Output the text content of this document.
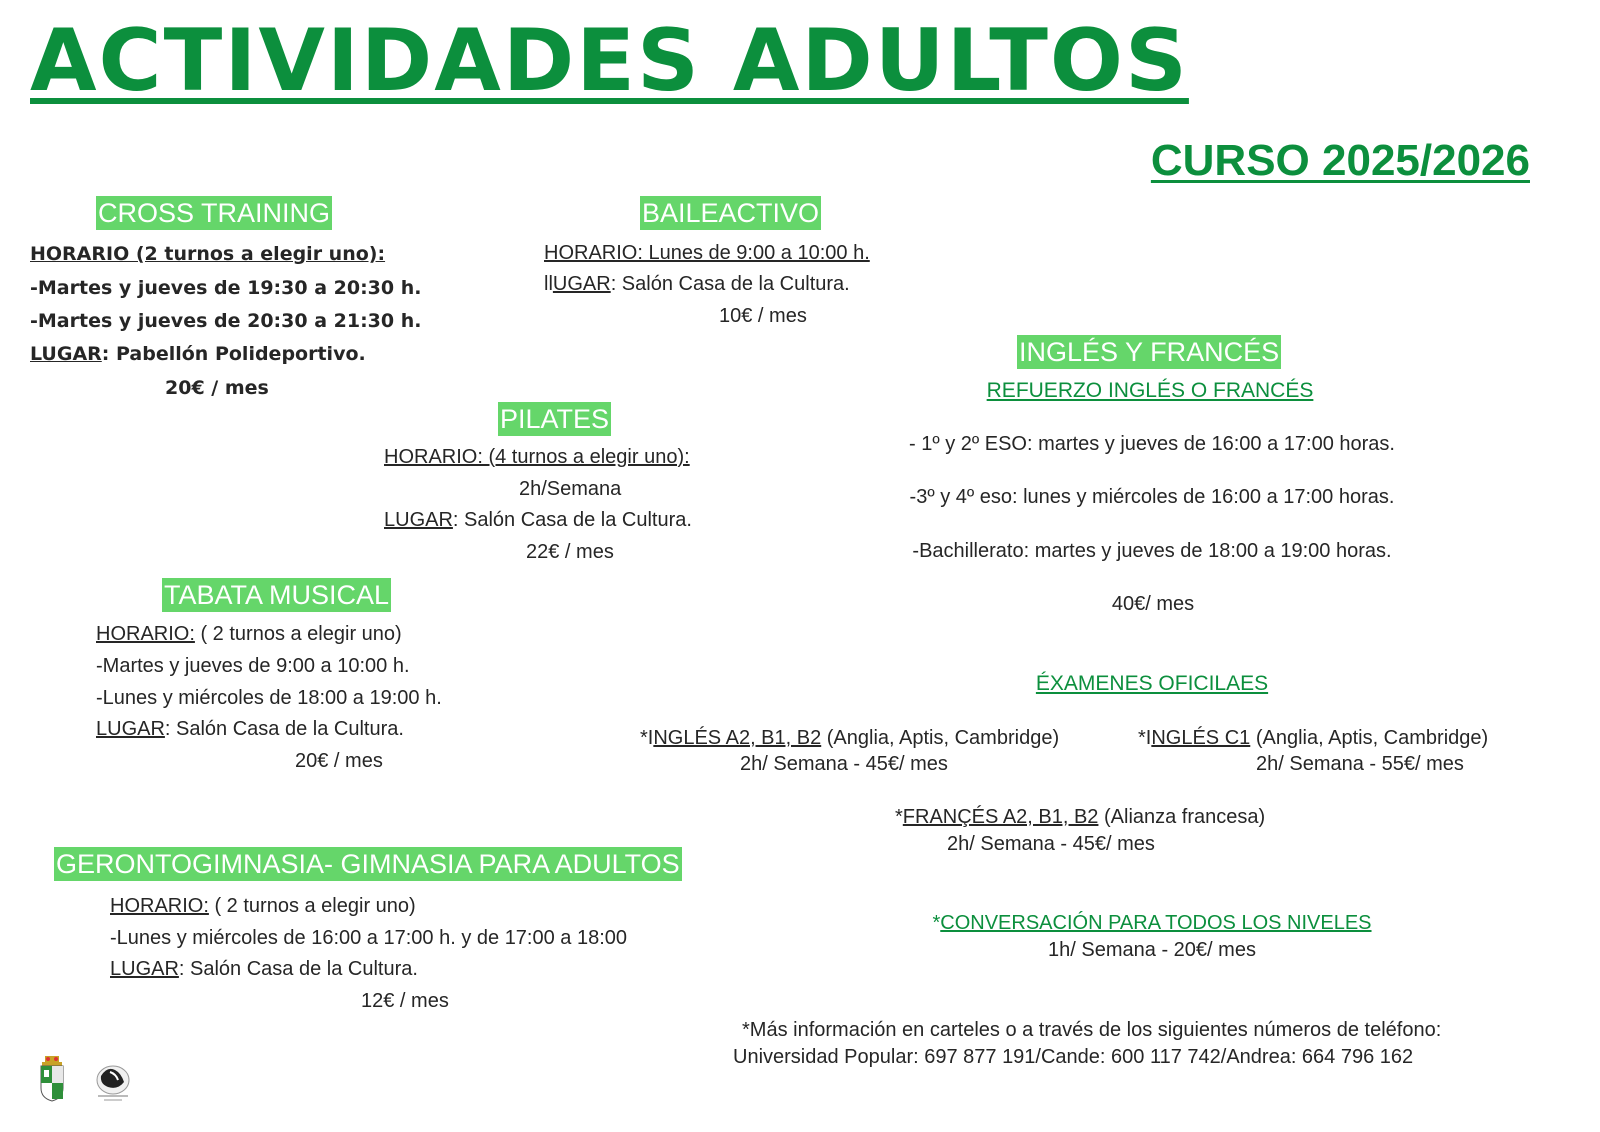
ACTIVIDADES ADULTOS
CURSO 2025/2026
CROSS TRAINING
HORARIO (2 turnos a elegir uno):
-Martes y jueves de 19:30 a 20:30 h.
-Martes y jueves de 20:30 a 21:30 h.
LUGAR: Pabellón Polideportivo.
20€ / mes
BAILEACTIVO
HORARIO: Lunes de 9:00 a 10:00 h.
llUGAR: Salón Casa de la Cultura.
10€ / mes
PILATES
HORARIO: (4 turnos a elegir uno):
2h/Semana
LUGAR: Salón Casa de la Cultura.
22€ / mes
TABATA MUSICAL
HORARIO: ( 2 turnos a elegir uno)
-Martes y jueves de 9:00 a 10:00 h.
-Lunes y miércoles de 18:00 a 19:00 h.
LUGAR: Salón Casa de la Cultura.
20€ / mes
GERONTOGIMNASIA- GIMNASIA PARA ADULTOS
HORARIO: ( 2 turnos a elegir uno)
-Lunes y miércoles de 16:00 a 17:00 h. y de 17:00 a 18:00
LUGAR: Salón Casa de la Cultura.
12€ / mes
INGLÉS Y FRANCÉS
REFUERZO INGLÉS O FRANCÉS
- 1º y 2º ESO: martes y jueves de 16:00 a 17:00 horas.
-3º y 4º eso: lunes y miércoles de 16:00 a 17:00 horas.
-Bachillerato: martes y jueves de 18:00 a 19:00 horas.
40€/ mes
ÉXAMENES OFICILAES
*INGLÉS A2, B1, B2 (Anglia, Aptis, Cambridge)
2h/ Semana - 45€/ mes
*INGLÉS C1 (Anglia, Aptis, Cambridge)
2h/ Semana - 55€/ mes
*FRANÇÉS A2, B1, B2 (Alianza francesa)
2h/ Semana - 45€/ mes
*CONVERSACIÓN PARA TODOS LOS NIVELES
1h/ Semana - 20€/ mes
*Más información en carteles o a través de los siguientes números de teléfono:
Universidad Popular: 697 877 191/Cande: 600 117 742/Andrea: 664 796 162
